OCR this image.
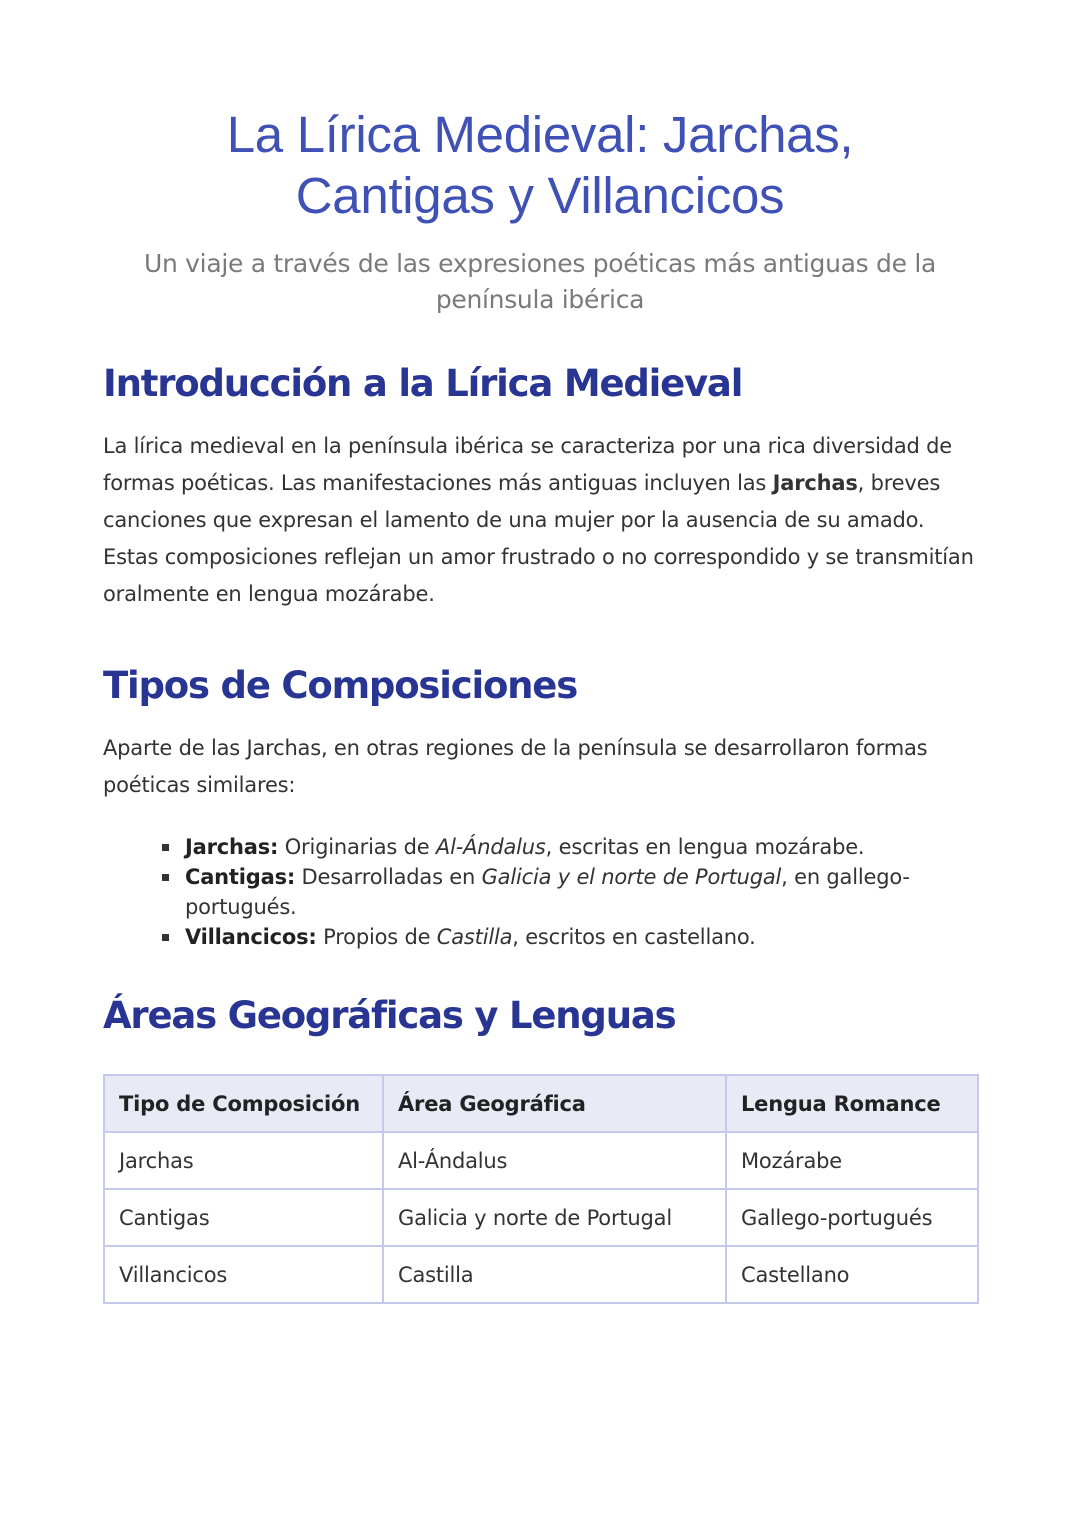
La Lírica Medieval: Jarchas,
Cantigas y Villancicos
Un viaje a través de las expresiones poéticas más antiguas de la península ibérica
Introducción a la Lírica Medieval

La lírica medieval en la península ibérica se caracteriza por una rica diversidad de formas poéticas. Las manifestaciones más antiguas incluyen las Jarchas, breves canciones que expresan el lamento de una mujer por la ausencia de su amado. Estas composiciones reflejan un amor frustrado o no correspondido y se transmitían oralmente en lengua mozárabe.

Tipos de Composiciones

Aparte de las Jarchas, en otras regiones de la península se desarrollaron formas poéticas similares:

Jarchas: Originarias de Al-Ándalus, escritas en lengua mozárabe.
Cantigas: Desarrolladas en Galicia y el norte de Portugal, en gallego-portugués.
Villancicos: Propios de Castilla, escritos en castellano.
Áreas Geográficas y Lenguas
Tipo de Composición	Área Geográfica	Lengua Romance
Jarchas	Al-Ándalus	Mozárabe
Cantigas	Galicia y norte de Portugal	Gallego-portugués
Villancicos	Castilla	Castellano
